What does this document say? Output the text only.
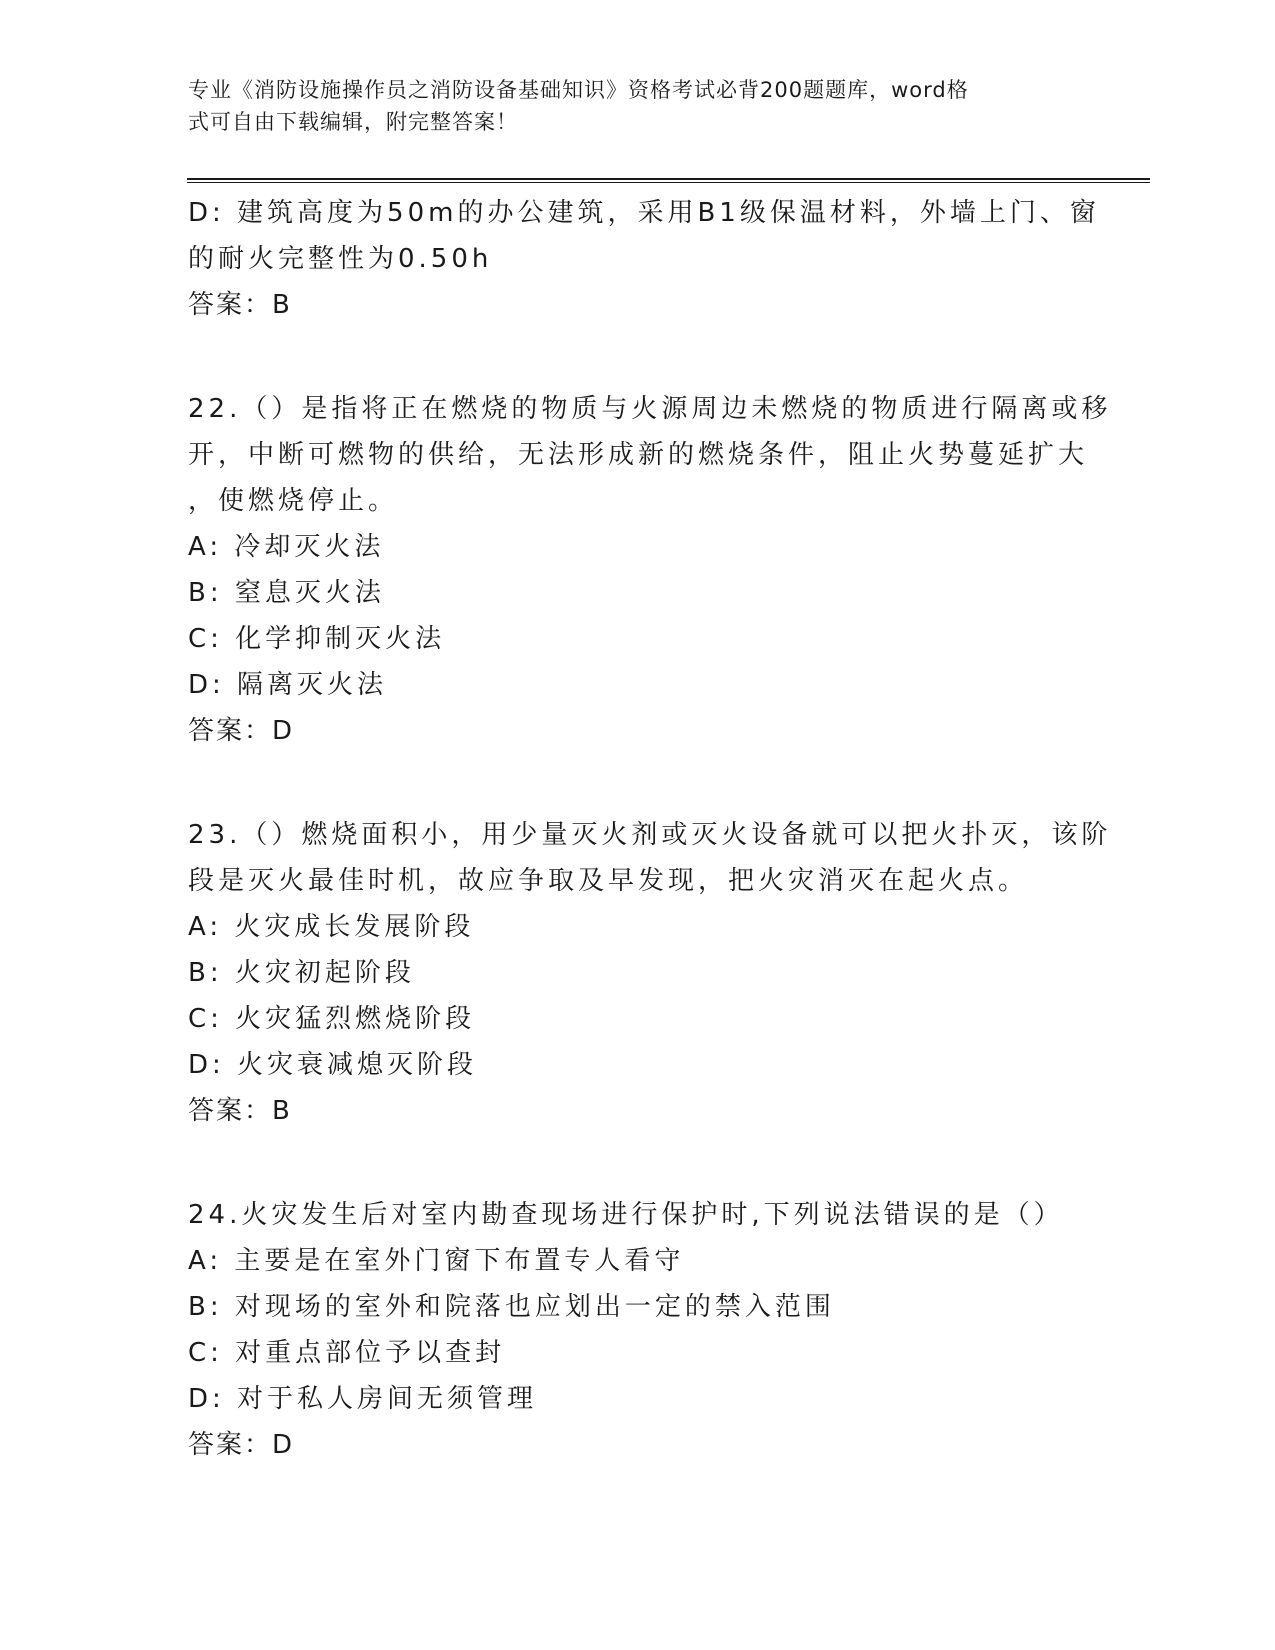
专业《消防设施操作员之消防设备基础知识》资格考试必背200题题库，word格
式可自由下载编辑，附完整答案！
D: 建筑高度为50m的办公建筑，采用B1级保温材料，外墙上门、窗
的耐火完整性为0.50h
答案：B
22.（）是指将正在燃烧的物质与火源周边未燃烧的物质进行隔离或移
开，中断可燃物的供给，无法形成新的燃烧条件，阻止火势蔓延扩大
，使燃烧停止。
A: 冷却灭火法
B: 窒息灭火法
C: 化学抑制灭火法
D: 隔离灭火法
答案：D
23.（）燃烧面积小，用少量灭火剂或灭火设备就可以把火扑灭，该阶
段是灭火最佳时机，故应争取及早发现，把火灾消灭在起火点。
A: 火灾成长发展阶段
B: 火灾初起阶段
C: 火灾猛烈燃烧阶段
D: 火灾衰减熄灭阶段
答案：B
24.火灾发生后对室内勘查现场进行保护时,下列说法错误的是（）
A: 主要是在室外门窗下布置专人看守
B: 对现场的室外和院落也应划出一定的禁入范围
C: 对重点部位予以查封
D: 对于私人房间无须管理
答案：D
